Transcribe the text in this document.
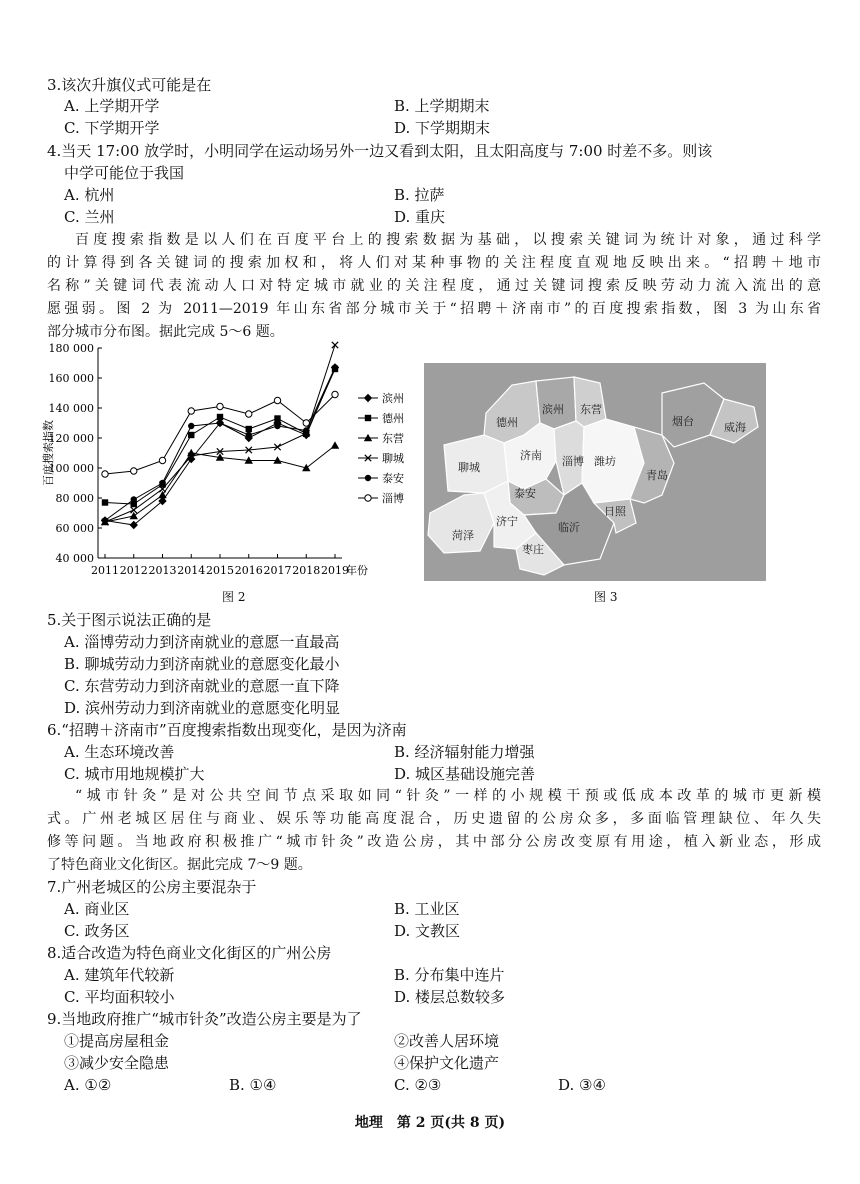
3.该次升旗仪式可能是在
A. 上学期开学	B. 上学期期末
C. 下学期开学	D. 下学期期末
4.当天 17:00 放学时，小明同学在运动场另外一边又看到太阳，且太阳高度与 7:00 时差不多。则该
中学可能位于我国
A. 杭州	B. 拉萨
C. 兰州	D. 重庆
百度搜索指数是以人们在百度平台上的搜索数据为基础，以搜索关键词为统计对象，通过科学
的计算得到各关键词的搜索加权和，将人们对某种事物的关注程度直观地反映出来。“招聘＋地市
名称”关键词代表流动人口对特定城市就业的关注程度，通过关键词搜索反映劳动力流入流出的意
愿强弱。图 2 为 2011—2019 年山东省部分城市关于“招聘＋济南市”的百度搜索指数，图 3 为山东省
部分城市分布图。据此完成 5～6 题。
40 000
60 000
80 000
100 000
120 000
140 000
160 000
180 000
2011 2012 2013 2014 2015 2016 2017 2018 2019
年份
百度搜索指数
滨州
德州
东营
聊城
泰安
淄博
图 2
德州
滨州 东营
烟台	威海
聊城
济南 淄博 潍坊
青岛
泰安
日照
菏泽
济宁	临沂
枣庄
图 3
5.关于图示说法正确的是
A. 淄博劳动力到济南就业的意愿一直最高
B. 聊城劳动力到济南就业的意愿变化最小
C. 东营劳动力到济南就业的意愿一直下降
D. 滨州劳动力到济南就业的意愿变化明显
6.“招聘＋济南市”百度搜索指数出现变化，是因为济南
A. 生态环境改善	B. 经济辐射能力增强
C. 城市用地规模扩大	D. 城区基础设施完善
“城市针灸”是对公共空间节点采取如同“针灸”一样的小规模干预或低成本改革的城市更新模
式。广州老城区居住与商业、娱乐等功能高度混合，历史遗留的公房众多，多面临管理缺位、年久失
修等问题。当地政府积极推广“城市针灸”改造公房，其中部分公房改变原有用途，植入新业态，形成
了特色商业文化街区。据此完成 7～9 题。
7.广州老城区的公房主要混杂于
A. 商业区	B. 工业区
C. 政务区	D. 文教区
8.适合改造为特色商业文化街区的广州公房
A. 建筑年代较新	B. 分布集中连片
C. 平均面积较小	D. 楼层总数较多
9.当地政府推广“城市针灸”改造公房主要是为了
①提高房屋租金	②改善人居环境
③减少安全隐患	④保护文化遗产
A. ①②	B. ①④	C. ②③	D. ③④
地理　第 2 页(共 8 页)
